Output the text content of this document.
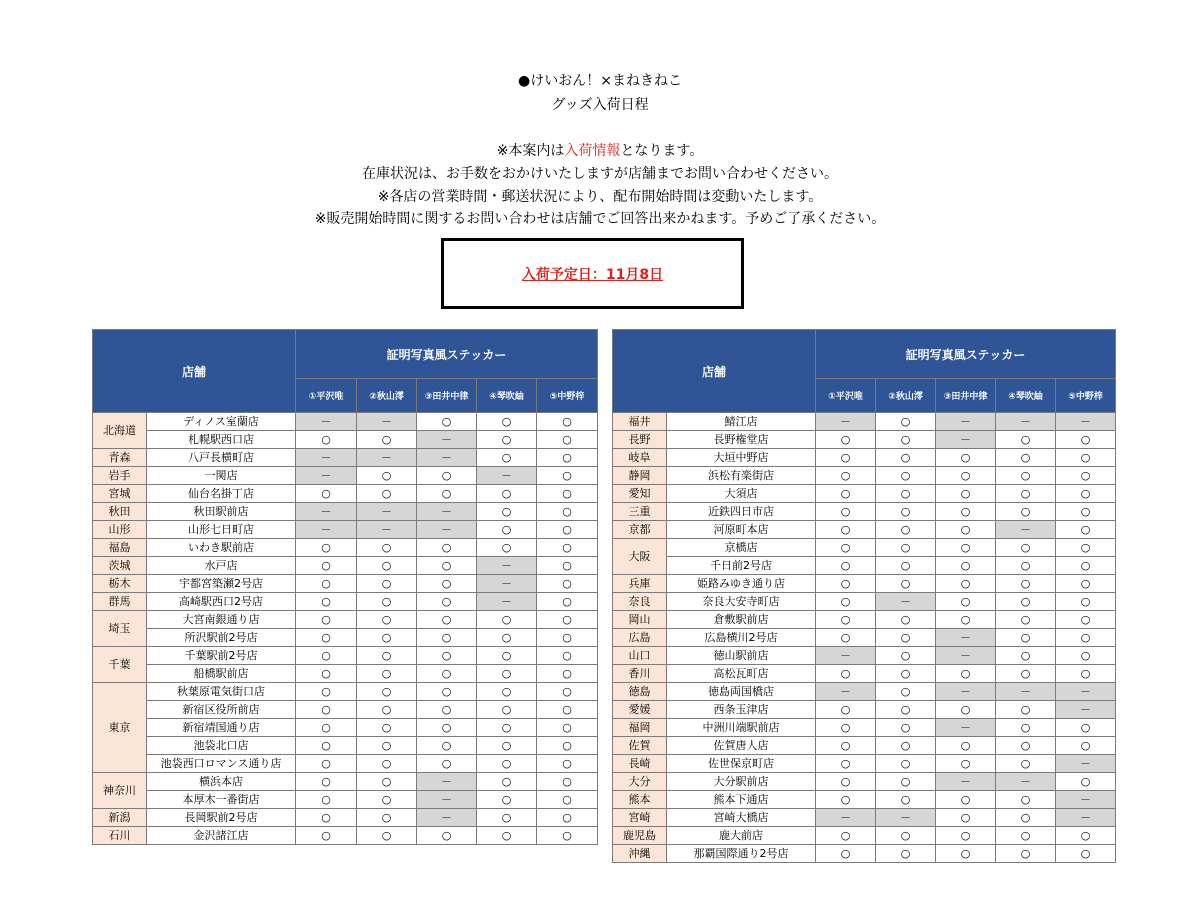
●けいおん！×まねきねこ
グッズ入荷日程
※本案内は入荷情報となります。
在庫状況は、お手数をおかけいたしますが店舗までお問い合わせください。
※各店の営業時間・郵送状況により、配布開始時間は変動いたします。
※販売開始時間に関するお問い合わせは店舗でご回答出来かねます。予めご了承ください。
入荷予定日：11月8日
店舗		証明写真風ステッカー				
		①平沢唯	②秋山澪	③田井中律	④琴吹紬	⑤中野梓
北海道	ディノス室蘭店	－	－	○	○	○
	札幌駅西口店	○	○	－	○	○
青森	八戸長横町店	－	－	－	○	○
岩手	一関店	－	○	○	－	○
宮城	仙台名掛丁店	○	○	○	○	○
秋田	秋田駅前店	－	－	－	○	○
山形	山形七日町店	－	－	－	○	○
福島	いわき駅前店	○	○	○	○	○
茨城	水戸店	○	○	○	－	○
栃木	宇都宮築瀬2号店	○	○	○	－	○
群馬	高崎駅西口2号店	○	○	○	－	○
埼玉	大宮南銀通り店	○	○	○	○	○
	所沢駅前2号店	○	○	○	○	○
千葉	千葉駅前2号店	○	○	○	○	○
	船橋駅前店	○	○	○	○	○
東京	秋葉原電気街口店	○	○	○	○	○
	新宿区役所前店	○	○	○	○	○
	新宿靖国通り店	○	○	○	○	○
	池袋北口店	○	○	○	○	○
	池袋西口ロマンス通り店	○	○	○	○	○
神奈川	横浜本店	○	○	－	○	○
	本厚木一番街店	○	○	－	○	○
新潟	長岡駅前2号店	○	○	－	○	○
石川	金沢諸江店	○	○	○	○	○
店舗		証明写真風ステッカー				
		①平沢唯	②秋山澪	③田井中律	④琴吹紬	⑤中野梓
福井	鯖江店	－	○	－	－	－
長野	長野権堂店	○	○	－	○	○
岐阜	大垣中野店	○	○	○	○	○
静岡	浜松有楽街店	○	○	○	○	○
愛知	大須店	○	○	○	○	○
三重	近鉄四日市店	○	○	○	○	○
京都	河原町本店	○	○	○	－	○
大阪	京橋店	○	○	○	○	○
	千日前2号店	○	○	○	○	○
兵庫	姫路みゆき通り店	○	○	○	○	○
奈良	奈良大安寺町店	○	－	○	○	○
岡山	倉敷駅前店	○	○	○	○	○
広島	広島横川2号店	○	○	－	○	○
山口	徳山駅前店	－	○	－	○	○
香川	高松瓦町店	○	○	○	○	○
徳島	徳島両国橋店	－	○	－	－	－
愛媛	西条玉津店	○	○	○	○	－
福岡	中洲川端駅前店	○	○	－	○	○
佐賀	佐賀唐人店	○	○	○	○	○
長崎	佐世保京町店	○	○	○	○	－
大分	大分駅前店	○	○	－	－	○
熊本	熊本下通店	○	○	○	○	－
宮崎	宮崎大橋店	－	－	○	○	－
鹿児島	鹿大前店	○	○	○	○	○
沖縄	那覇国際通り2号店	○	○	○	○	○
